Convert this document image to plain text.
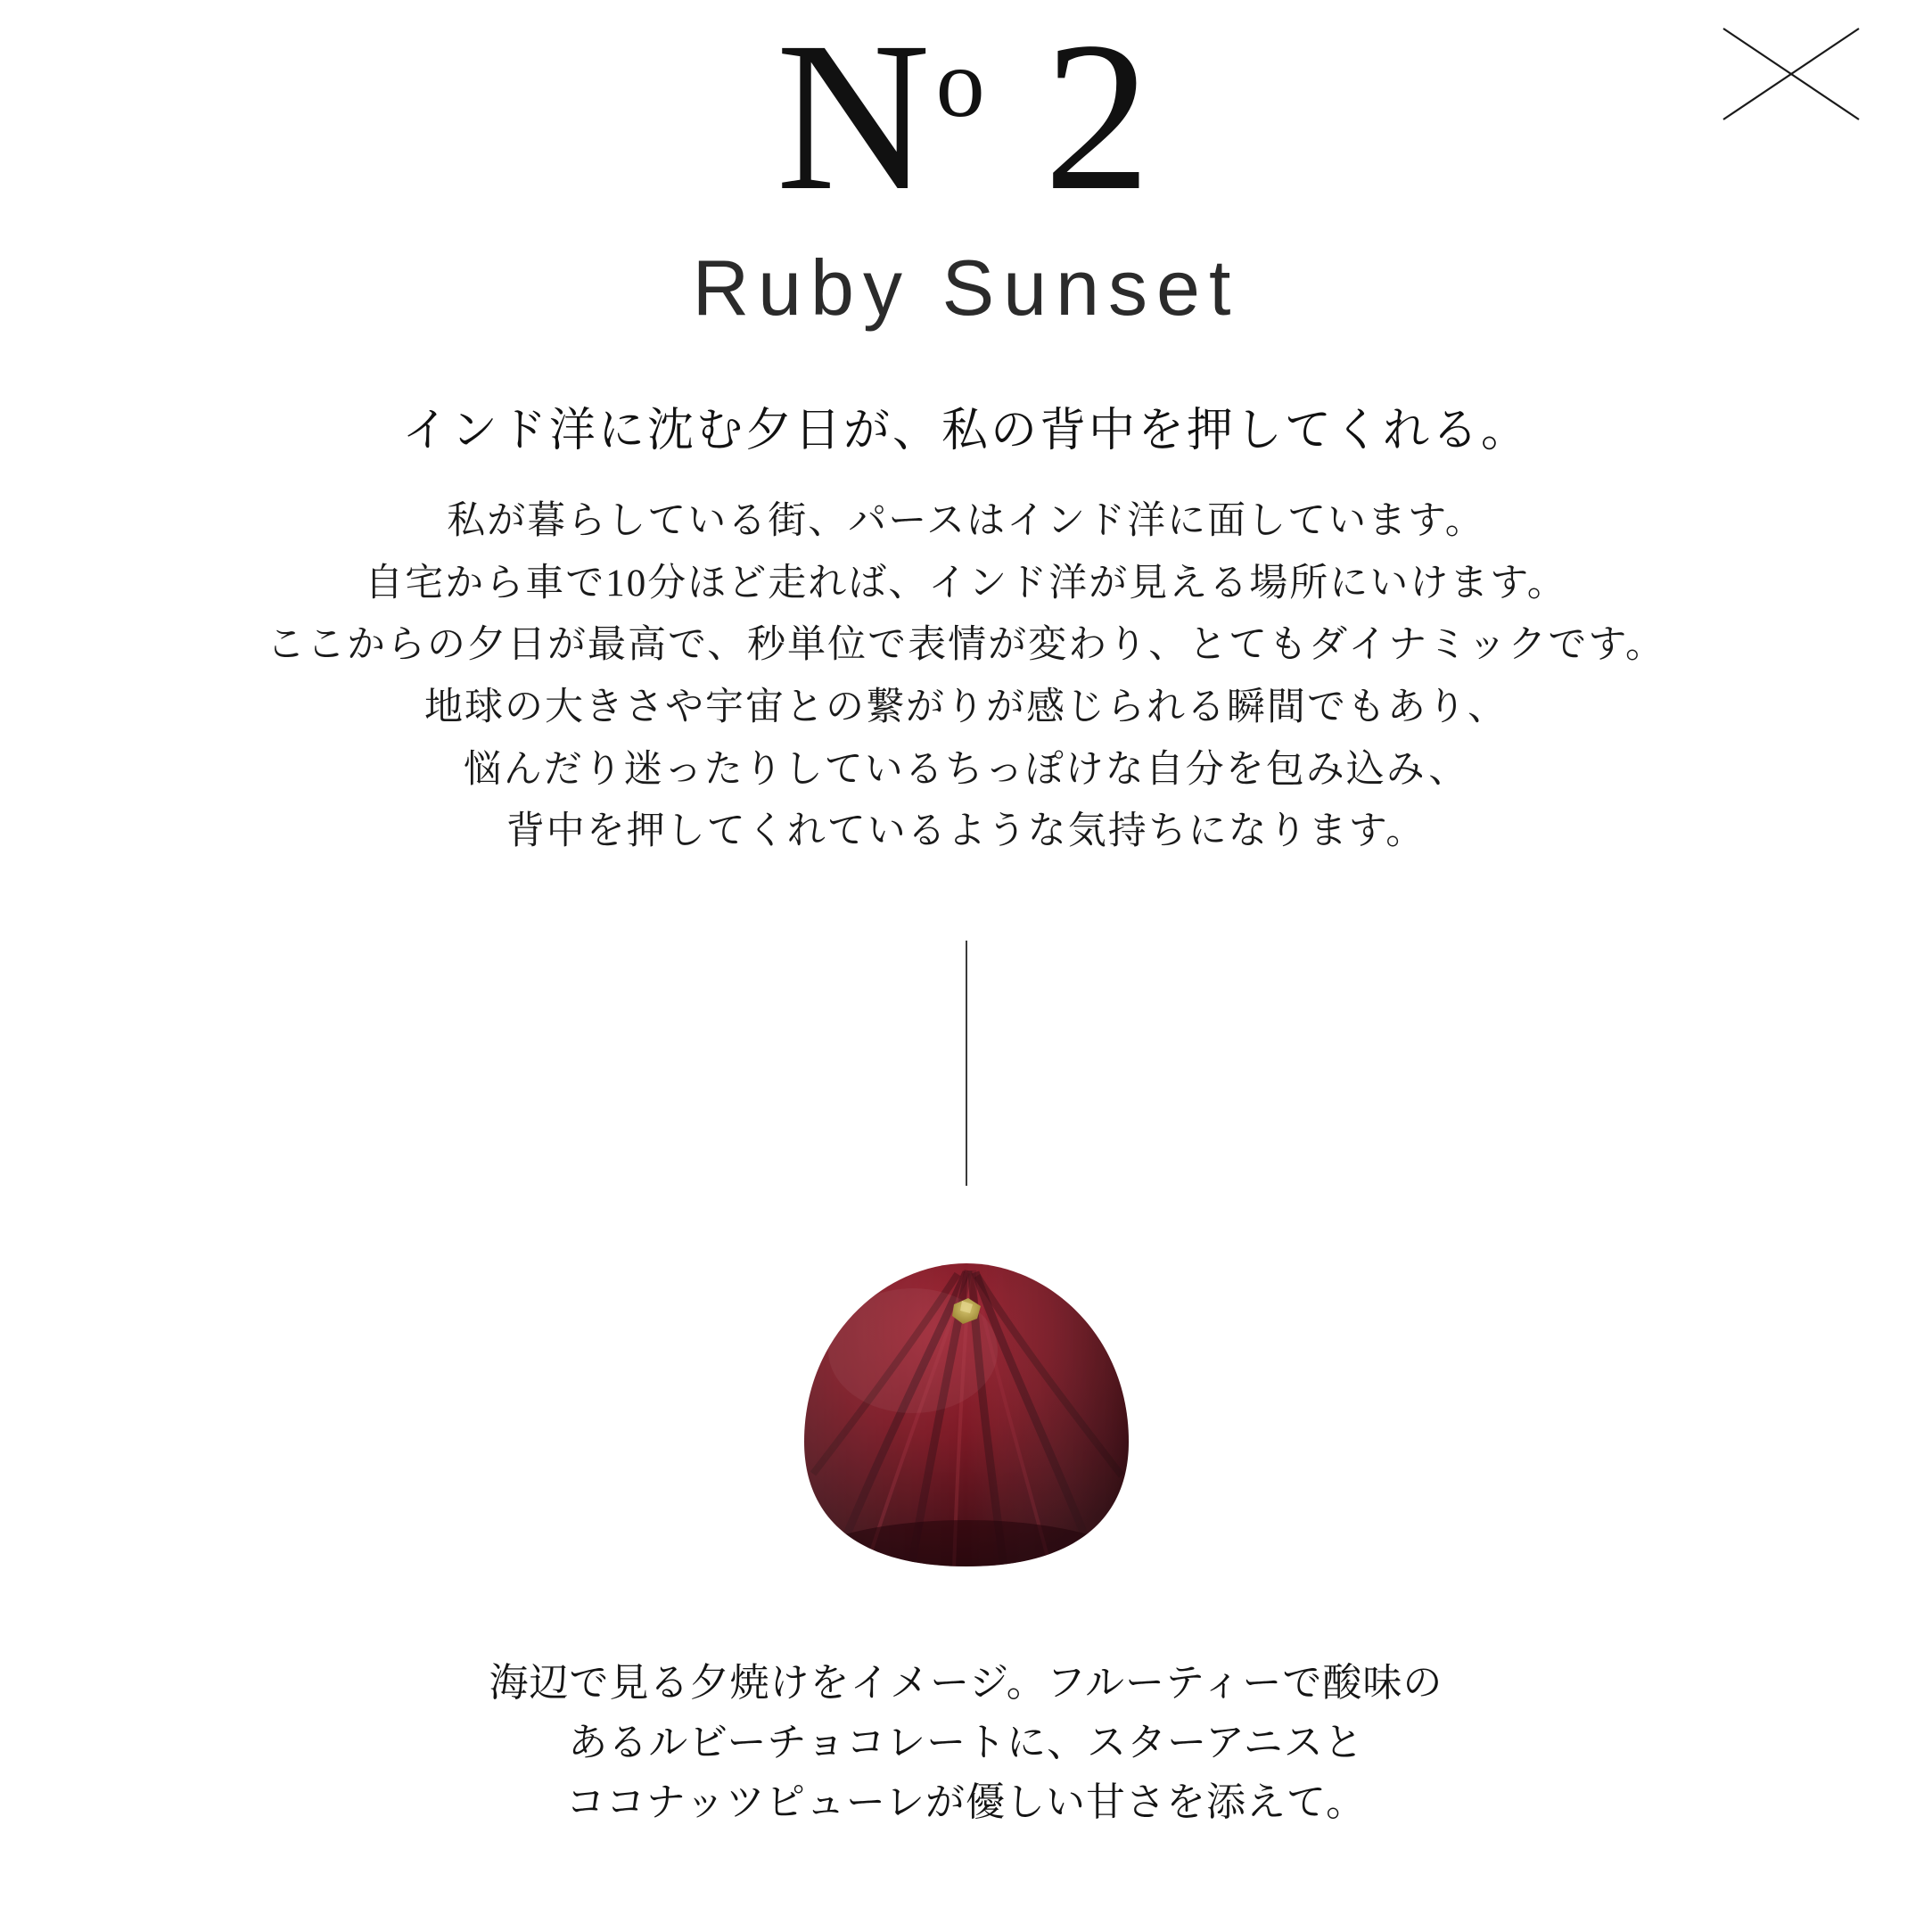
$N^o$ 2
Ruby Sunset
インド洋に沈む夕日が、私の背中を押してくれる。
私が暮らしている街、パースはインド洋に面しています。
自宅から車で10分ほど走れば、インド洋が見える場所にいけます。
ここからの夕日が最高で、秒単位で表情が変わり、とてもダイナミックです。
地球の大きさや宇宙との繋がりが感じられる瞬間でもあり、
悩んだり迷ったりしているちっぽけな自分を包み込み、
背中を押してくれているような気持ちになります。
海辺で見る夕焼けをイメージ。フルーティーで酸味の
あるルビーチョコレートに、スターアニスと
ココナッツピューレが優しい甘さを添えて。
